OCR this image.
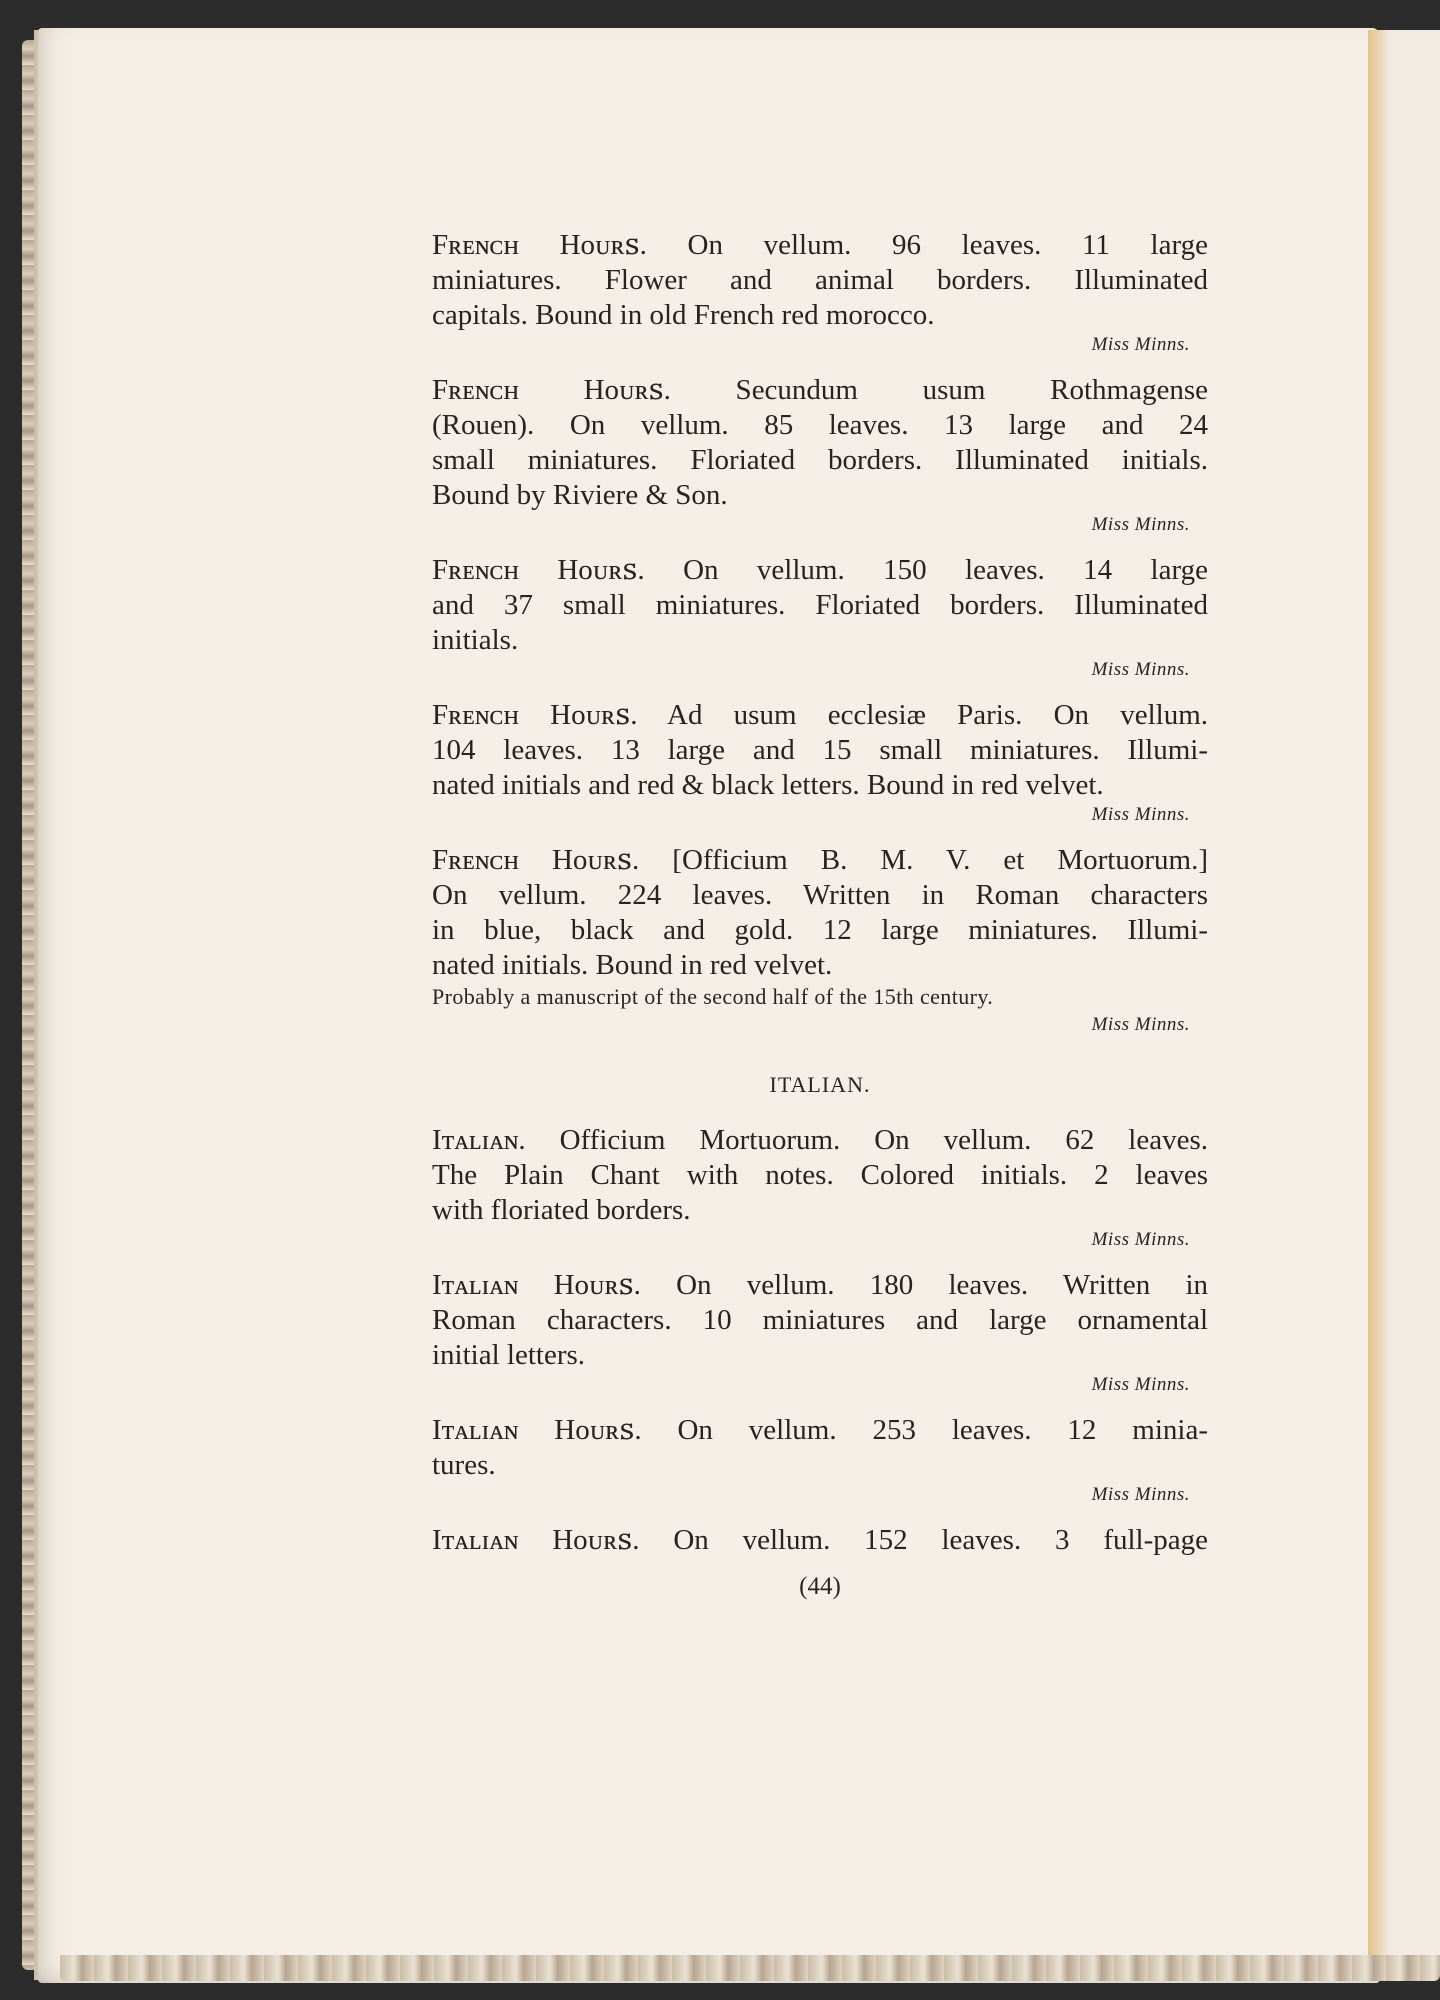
Fʀᴇɴᴄʜ Hᴏᴜʀꜱ. On vellum. 96 leaves. 11 large
miniatures. Flower and animal borders. Illuminated
capitals. Bound in old French red morocco.
Miss Minns.
Fʀᴇɴᴄʜ Hᴏᴜʀꜱ. Secundum usum Rothmagense
(Rouen). On vellum. 85 leaves. 13 large and 24
small miniatures. Floriated borders. Illuminated initials.
Bound by Riviere & Son.
Miss Minns.
Fʀᴇɴᴄʜ Hᴏᴜʀꜱ. On vellum. 150 leaves. 14 large
and 37 small miniatures. Floriated borders. Illuminated
initials.
Miss Minns.
Fʀᴇɴᴄʜ Hᴏᴜʀꜱ. Ad usum ecclesiæ Paris. On vellum.
104 leaves. 13 large and 15 small miniatures. Illumi-
nated initials and red & black letters. Bound in red velvet.
Miss Minns.
Fʀᴇɴᴄʜ Hᴏᴜʀꜱ. [Officium B. M. V. et Mortuorum.]
On vellum. 224 leaves. Written in Roman characters
in blue, black and gold. 12 large miniatures. Illumi-
nated initials. Bound in red velvet.
Probably a manuscript of the second half of the 15th century.
Miss Minns.
ITALIAN.
Iᴛᴀʟɪᴀɴ. Officium Mortuorum. On vellum. 62 leaves.
The Plain Chant with notes. Colored initials. 2 leaves
with floriated borders.
Miss Minns.
Iᴛᴀʟɪᴀɴ Hᴏᴜʀꜱ. On vellum. 180 leaves. Written in
Roman characters. 10 miniatures and large ornamental
initial letters.
Miss Minns.
Iᴛᴀʟɪᴀɴ Hᴏᴜʀꜱ. On vellum. 253 leaves. 12 minia-
tures.
Miss Minns.
Iᴛᴀʟɪᴀɴ Hᴏᴜʀꜱ. On vellum. 152 leaves. 3 full-page
(44)
